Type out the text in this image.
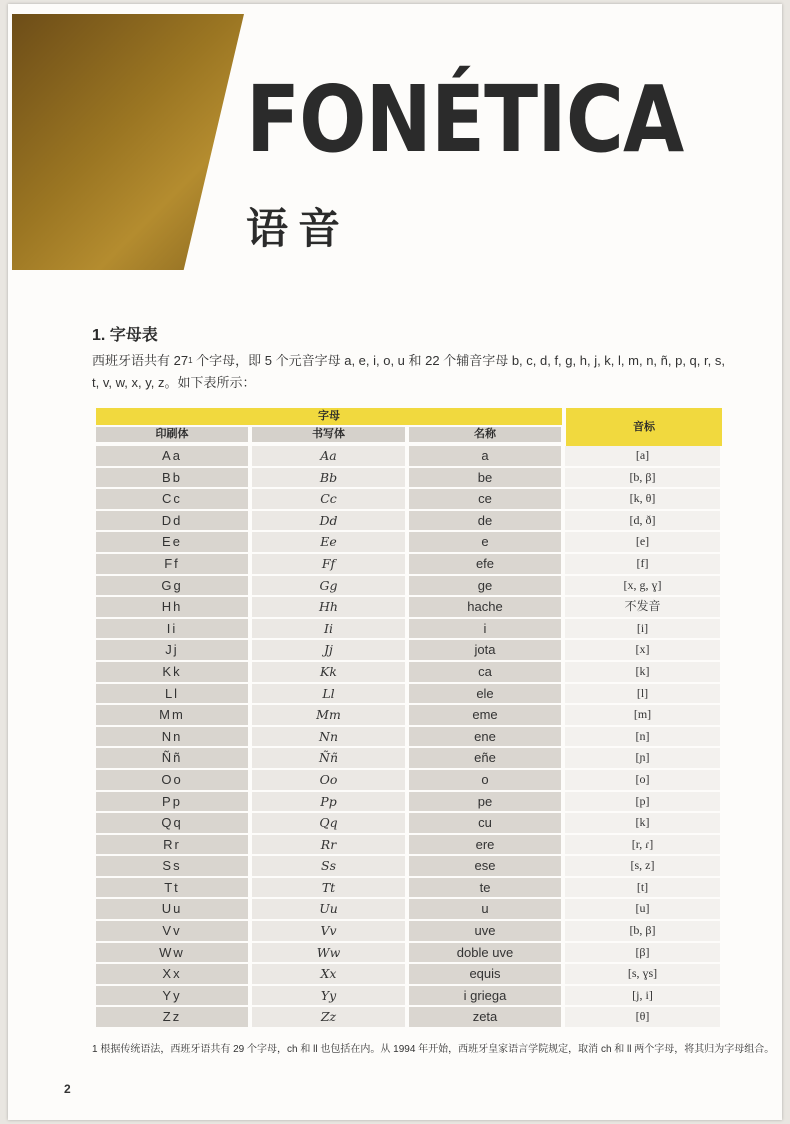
FONÉTICA
语音
1. 字母表
西班牙语共有 $27^1$ 个字母，即 5 个元音字母 a, e, i, o, u 和 22 个辅音字母 b, c, d, f, g, h, j, k, l, m, n, ñ, p, q, r, s, t, v, w, x, y, z。如下表所示：
字母
印刷体	书写体	名称
音标
Aa	Aa	a	[a]
Bb	Bb	be	[b, β]
Cc	Cc	ce	[k, θ]
Dd	Dd	de	[d, ð]
Ee	Ee	e	[e]
Ff	Ff	efe	[f]
Gg	Gg	ge	[x, g, ɣ]
Hh	Hh	hache	不发音
Ii	Ii	i	[i]
Jj	Jj	jota	[x]
Kk	Kk	ca	[k]
Ll	Ll	ele	[l]
Mm	Mm	eme	[m]
Nn	Nn	ene	[n]
Ññ	Ññ	eñe	[ɲ]
Oo	Oo	o	[o]
Pp	Pp	pe	[p]
Qq	Qq	cu	[k]
Rr	Rr	ere	[r, ɾ]
Ss	Ss	ese	[s, z]
Tt	Tt	te	[t]
Uu	Uu	u	[u]
Vv	Vv	uve	[b, β]
Ww	Ww	doble uve	[β]
Xx	Xx	equis	[s, ɣs]
Yy	Yy	i griega	[j, i]
Zz	Zz	zeta	[θ]
1 根据传统语法，西班牙语共有 29 个字母，ch 和 ll 也包括在内。从 1994 年开始，西班牙皇家语言学院规定，取消 ch 和 ll 两个字母，将其归为字母组合。
2
